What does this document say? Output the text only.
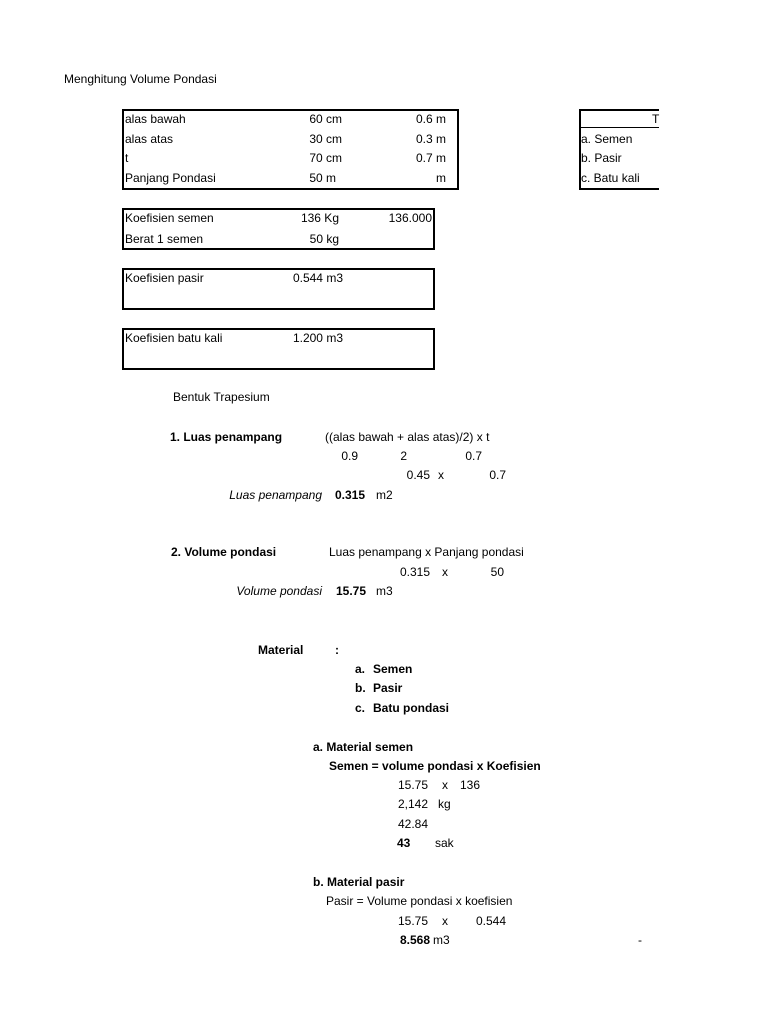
Menghitung Volume Pondasi
alas bawah	60 cm	0.6 m
alas atas	30 cm	0.3 m
t	70 cm	0.7 m
Panjang Pondasi	50 m	m
T
a. Semen
b. Pasir
c. Batu kali
Koefisien semen	136 Kg	136.000
Berat 1 semen	50 kg
Koefisien pasir	0.544 m3
Koefisien batu kali	1.200 m3
Bentuk Trapesium
1. Luas penampang	((alas bawah + alas atas)/2) x t
0.9	2	0.7
0.45 x	0.7
Luas penampang 0.315 m2
2. Volume pondasi	Luas penampang x Panjang pondasi
0.315 x	50
Volume pondasi 15.75 m3
Material	:
a. Semen
b. Pasir
c. Batu pondasi
a. Material semen
Semen = volume pondasi x Koefisien
15.75 x 136
2,142 kg
42.84
43 sak
b. Material pasir
Pasir = Volume pondasi x koefisien
15.75 x 0.544
8.568 m3	-
